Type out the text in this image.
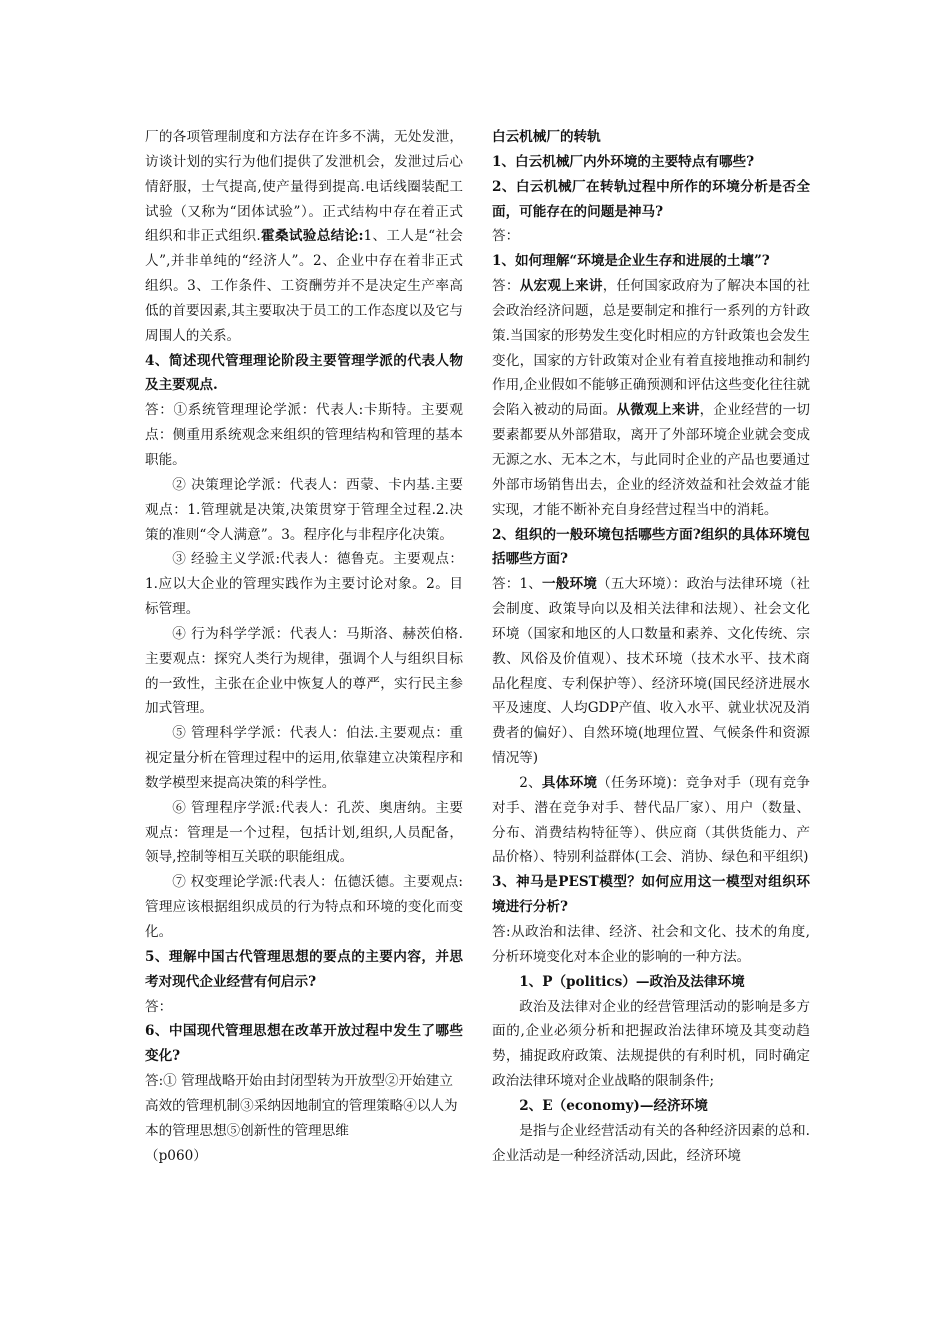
厂的各项管理制度和方法存在许多不满，无处发泄，访谈计划的实行为他们提供了发泄机会，发泄过后心情舒服，士气提高,使产量得到提高.电话线圈装配工试验（又称为“团体试验”）。正式结构中存在着正式组织和非正式组织.霍桑试验总结论:1、工人是“社会人”,并非单纯的“经济人”。2、企业中存在着非正式组织。3、工作条件、工资酬劳并不是决定生产率高低的首要因素,其主要取决于员工的工作态度以及它与周围人的关系。

4、简述现代管理理论阶段主要管理学派的代表人物及主要观点.

答：①系统管理理论学派：代表人:卡斯特。主要观点：侧重用系统观念来组织的管理结构和管理的基本职能。

② 决策理论学派：代表人：西蒙、卡内基.主要观点：1.管理就是决策,决策贯穿于管理全过程.2.决策的准则“令人满意”。3。程序化与非程序化决策。

③ 经验主义学派:代表人：德鲁克。主要观点：1.应以大企业的管理实践作为主要讨论对象。2。目标管理。

④ 行为科学学派：代表人：马斯洛、赫茨伯格.主要观点：探究人类行为规律，强调个人与组织目标的一致性，主张在企业中恢复人的尊严，实行民主参加式管理。

⑤ 管理科学学派：代表人：伯法.主要观点：重视定量分析在管理过程中的运用,依靠建立决策程序和数学模型来提高决策的科学性。

⑥ 管理程序学派:代表人：孔茨、奥唐纳。主要观点：管理是一个过程，包括计划,组织,人员配备，领导,控制等相互关联的职能组成。

⑦ 权变理论学派:代表人：伍德沃德。主要观点:管理应该根据组织成员的行为特点和环境的变化而变化。

5、理解中国古代管理思想的要点的主要内容，并思考对现代企业经营有何启示?

答：

6、中国现代管理思想在改革开放过程中发生了哪些变化?

答:① 管理战略开始由封闭型转为开放型②开始建立高效的管理机制③采纳因地制宜的管理策略④以人为本的管理思想⑤创新性的管理思维

（p060）

白云机械厂的转轨

1、白云机械厂内外环境的主要特点有哪些?

2、白云机械厂在转轨过程中所作的环境分析是否全面，可能存在的问题是神马?

答：

1、如何理解“环境是企业生存和进展的土壤”?

答：从宏观上来讲，任何国家政府为了解决本国的社会政治经济问题，总是要制定和推行一系列的方针政策.当国家的形势发生变化时相应的方针政策也会发生变化，国家的方针政策对企业有着直接地推动和制约作用,企业假如不能够正确预测和评估这些变化往往就会陷入被动的局面。从微观上来讲，企业经营的一切要素都要从外部猎取，离开了外部环境企业就会变成无源之水、无本之木，与此同时企业的产品也要通过外部市场销售出去，企业的经济效益和社会效益才能实现，才能不断补充自身经营过程当中的消耗。

2、组织的一般环境包括哪些方面?组织的具体环境包括哪些方面?

答：1、一般环境（五大环境）：政治与法律环境（社会制度、政策导向以及相关法律和法规）、社会文化环境（国家和地区的人口数量和素养、文化传统、宗教、风俗及价值观）、技术环境（技术水平、技术商品化程度、专利保护等）、经济环境(国民经济进展水平及速度、人均GDP产值、收入水平、就业状况及消费者的偏好）、自然环境(地理位置、气候条件和资源情况等)

2、具体环境（任务环境)：竞争对手（现有竞争对手、潜在竞争对手、替代品厂家）、用户（数量、分布、消费结构特征等）、供应商（其供货能力、产品价格）、特别利益群体(工会、消协、绿色和平组织)

3、神马是PEST模型？如何应用这一模型对组织环境进行分析?

答:从政治和法律、经济、社会和文化、技术的角度,分析环境变化对本企业的影响的一种方法。

1、P（politics）—政治及法律环境

政治及法律对企业的经营管理活动的影响是多方面的,企业必须分析和把握政治法律环境及其变动趋势，捕捉政府政策、法规提供的有利时机，同时确定政治法律环境对企业战略的限制条件;

2、E（economy)—经济环境

是指与企业经营活动有关的各种经济因素的总和.企业活动是一种经济活动,因此，经济环境
